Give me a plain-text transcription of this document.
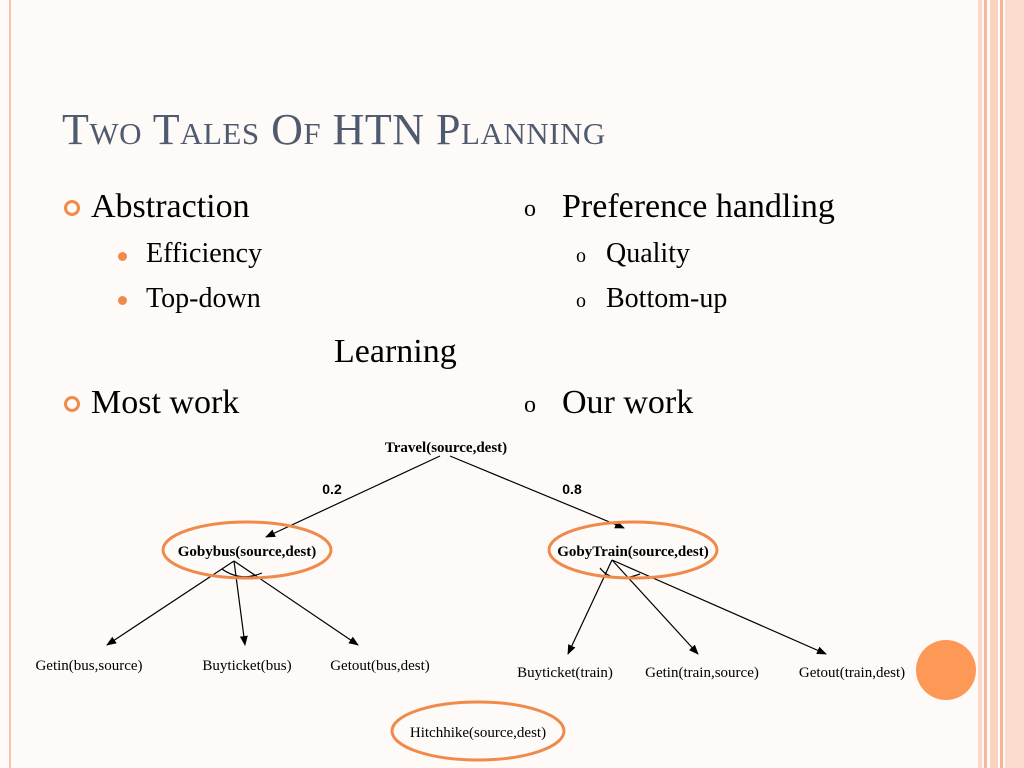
Two Tales Of HTN Planning
Abstraction
Efficiency
Top-down
Most work
Learning
o Preference handling
o Quality
o Bottom-up
o Our work
Travel(source,dest)
0.2	0.8
Gobybus(source,dest)	GobyTrain(source,dest)
Getin(bus,source)	Buyticket(bus)	Getout(bus,dest)	Buyticket(train) Getin(train,source)	Getout(train,dest)
Hitchhike(source,dest)
